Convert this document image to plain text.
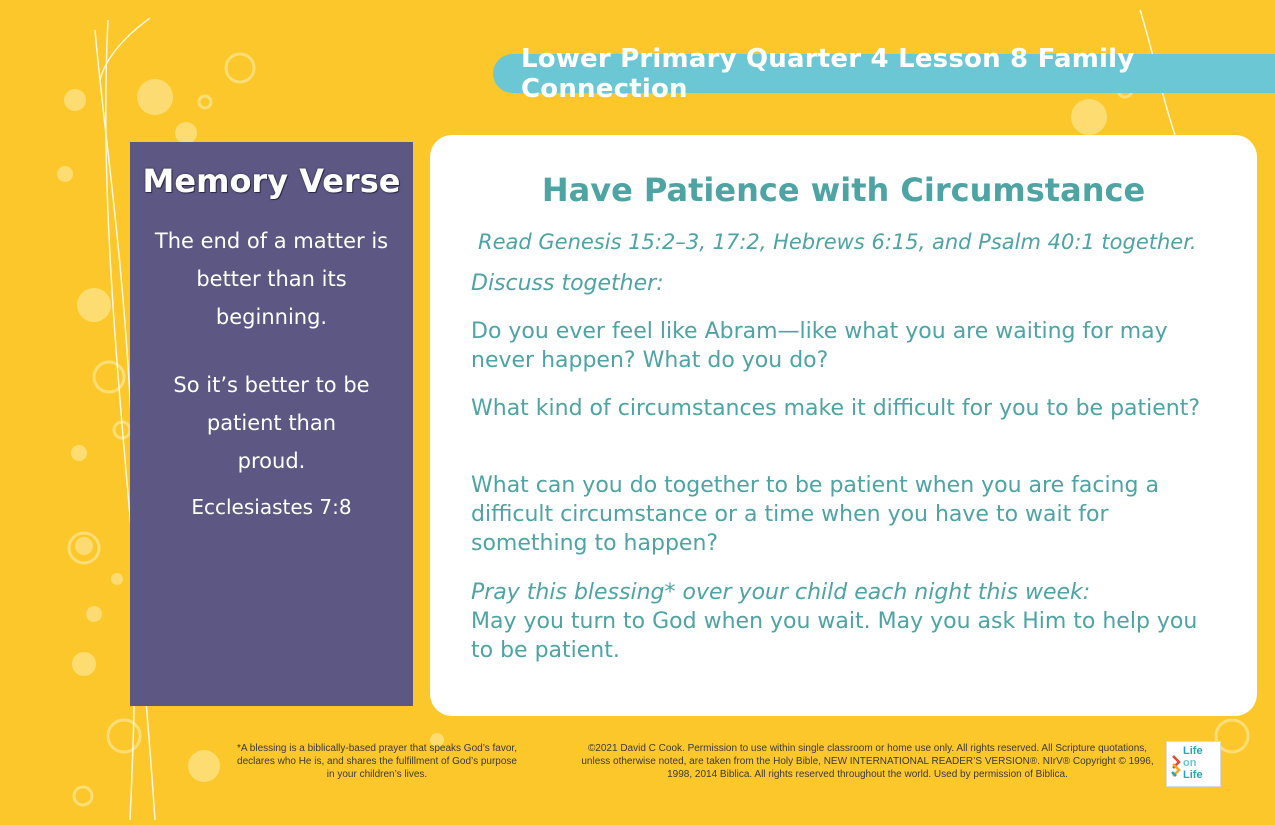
Lower Primary Quarter 4 Lesson 8 Family Connection
Memory Verse
The end of a matter is better than its beginning.
So it’s better to be patient than proud.
Ecclesiastes 7:8
Have Patience with Circumstance
Read Genesis 15:2–3, 17:2, Hebrews 6:15, and Psalm 40:1 together.
Discuss together:
Do you ever feel like Abram—like what you are waiting for may never happen? What do you do?
What kind of circumstances make it difficult for you to be patient?
What can you do together to be patient when you are facing a difficult circumstance or a time when you have to wait for something to happen?
Pray this blessing* over your child each night this week:
May you turn to God when you wait. May you ask Him to help you to be patient.
*A blessing is a biblically-based prayer that speaks God’s favor, declares who He is, and shares the fulfillment of God’s purpose in your children’s lives.
©2021 David C Cook. Permission to use within single classroom or home use only. All rights reserved. All Scripture quotations, unless otherwise noted, are taken from the Holy Bible, NEW INTERNATIONAL READER’S VERSION®. NIrV® Copyright © 1996, 1998, 2014 Biblica. All rights reserved throughout the world. Used by permission of Biblica.
Life
on
Life
